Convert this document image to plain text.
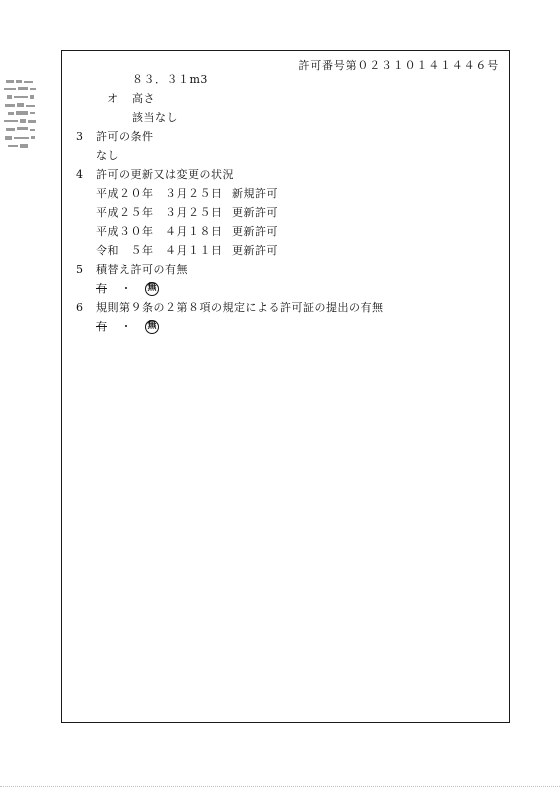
許可番号第０２３１０１４１４４６号
８３．３１m3
オ 高さ
該当なし
3 許可の条件
なし
4 許可の更新又は変更の状況
平成２０年　３月２５日 新規許可
平成２５年　３月２５日 更新許可
平成３０年　４月１８日 更新許可
令和　５年　４月１１日 更新許可
5 積替え許可の有無
有 ・ 無
6 規則第９条の２第８項の規定による許可証の提出の有無
有 ・ 無
